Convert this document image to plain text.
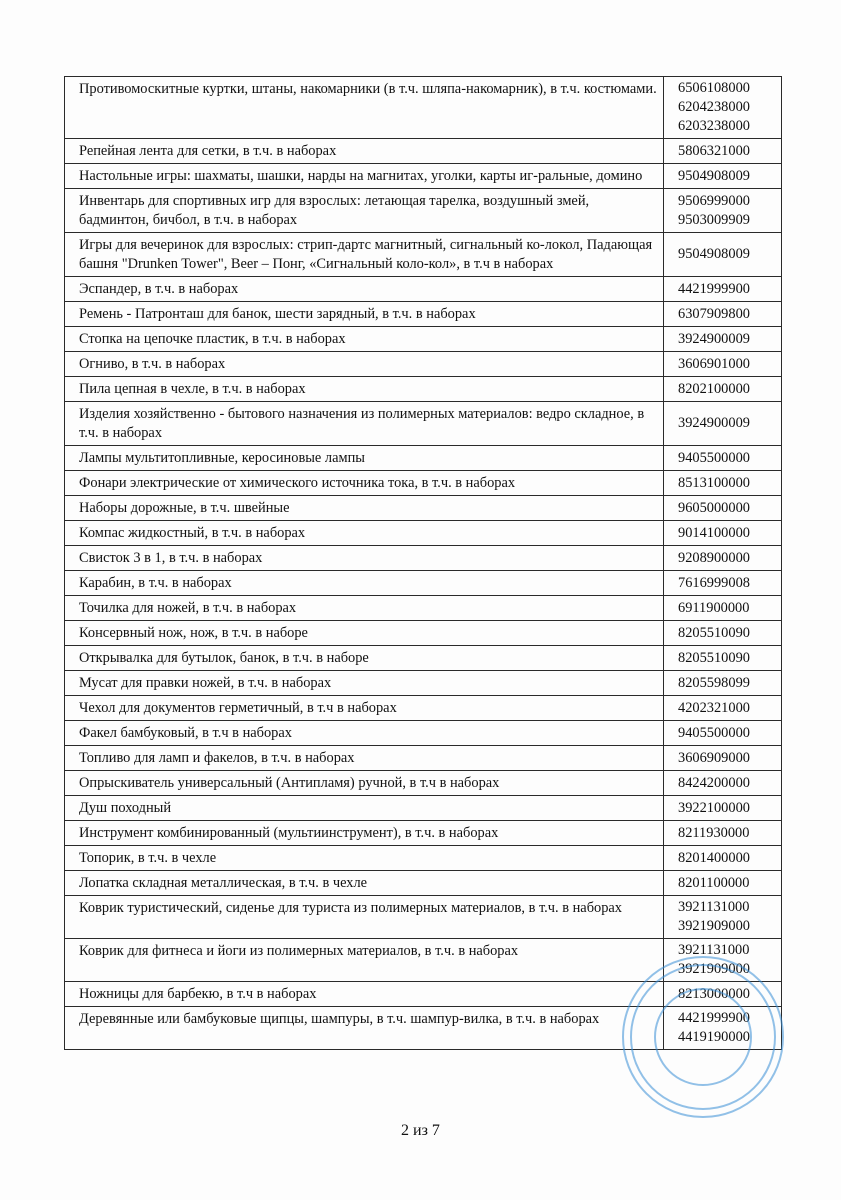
Противомоскитные куртки, штаны, накомарники (в т.ч. шляпа-накомарник), в т.ч. костюмами.	6506108000
6204238000
6203238000

Репейная лента для сетки, в т.ч. в наборах	5806321000

Настольные игры: шахматы, шашки, нарды на магнитах, уголки, карты иг-ральные, домино	9504908009

Инвентарь для спортивных игр для взрослых: летающая тарелка, воздушный змей, бадминтон, бичбол, в т.ч. в наборах	9506999000
9503009909

Игры для вечеринок для взрослых: стрип-дартс магнитный, сигнальный ко-локол, Падающая башня "Drunken Tower", Beer – Понг, «Сигнальный коло-кол», в т.ч в наборах	9504908009

Эспандер, в т.ч. в наборах	4421999900

Ремень - Патронташ для банок, шести зарядный, в т.ч. в наборах	6307909800

Стопка на цепочке пластик, в т.ч. в наборах	3924900009

Огниво, в т.ч. в наборах	3606901000

Пила цепная в чехле, в т.ч. в наборах	8202100000

Изделия хозяйственно - бытового назначения из полимерных материалов: ведро складное, в т.ч. в наборах	3924900009

Лампы мультитопливные, керосиновые лампы	9405500000

Фонари электрические от химического источника тока, в т.ч. в наборах	8513100000

Наборы дорожные, в т.ч. швейные	9605000000

Компас жидкостный, в т.ч. в наборах	9014100000

Свисток 3 в 1, в т.ч. в наборах	9208900000

Карабин, в т.ч. в наборах	7616999008

Точилка для ножей, в т.ч. в наборах	6911900000

Консервный нож, нож, в т.ч. в наборе	8205510090

Открывалка для бутылок, банок, в т.ч. в наборе	8205510090

Мусат для правки ножей, в т.ч. в наборах	8205598099

Чехол для документов герметичный, в т.ч в наборах	4202321000

Факел бамбуковый, в т.ч в наборах	9405500000

Топливо для ламп и факелов, в т.ч. в наборах	3606909000

Опрыскиватель универсальный (Антипламя) ручной, в т.ч в наборах	8424200000

Душ походный	3922100000

Инструмент комбинированный (мультиинструмент), в т.ч. в наборах	8211930000

Топорик, в т.ч. в чехле	8201400000

Лопатка складная металлическая, в т.ч. в чехле	8201100000

Коврик туристический, сиденье для туриста из полимерных материалов, в т.ч. в наборах	3921131000
3921909000

Коврик для фитнеса и йоги из полимерных материалов, в т.ч. в наборах	3921131000
3921909000

Ножницы для барбекю, в т.ч в наборах	8213000000

Деревянные или бамбуковые щипцы, шампуры, в т.ч. шампур-вилка, в т.ч. в наборах	4421999900
4419190000
2 из 7
